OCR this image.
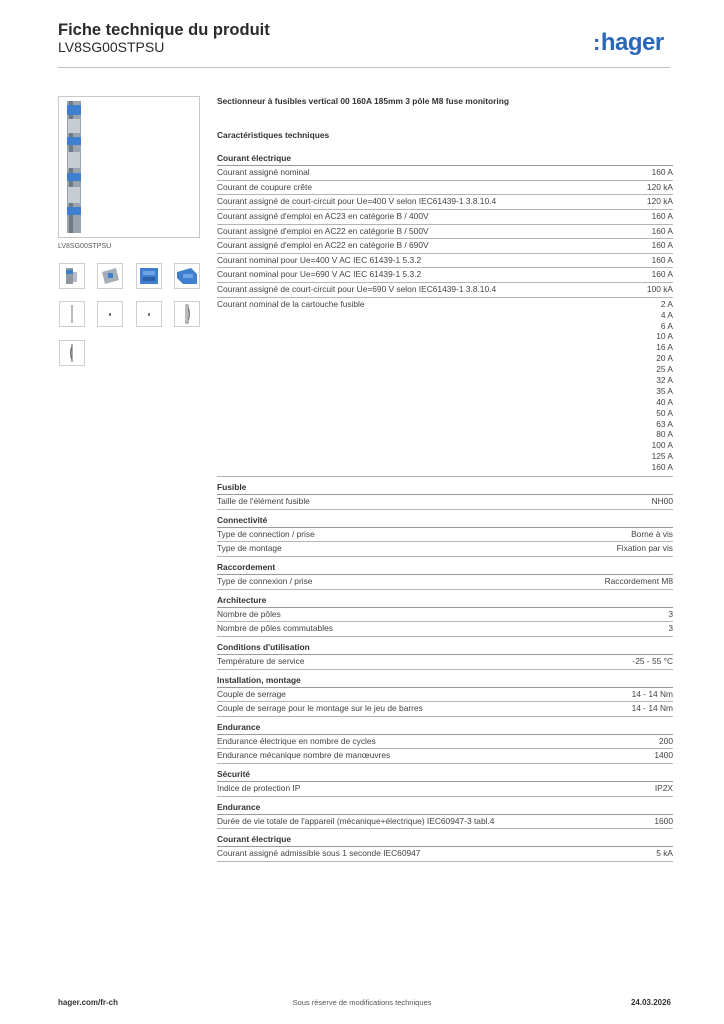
Fiche technique du produit
LV8SG00STPSU	:hager
LV8SG00STPSU
Sectionneur à fusibles vertical 00 160A 185mm 3 pôle M8 fuse monitoring
Caractéristiques techniques
Courant électrique
Courant assigné nominal	160 A
Courant de coupure crête	120 kA
Courant assigné de court-circuit pour Ue=400 V selon IEC61439-1 3.8.10.4	120 kA
Courant assigné d'emploi en AC23 en catégorie B / 400V	160 A
Courant assigné d'emploi en AC22 en catégorie B / 500V	160 A
Courant assigné d'emploi en AC22 en catégorie B / 690V	160 A
Courant nominal pour Ue=400 V AC IEC 61439-1 5.3.2	160 A
Courant nominal pour Ue=690 V AC IEC 61439-1 5.3.2	160 A
Courant assigné de court-circuit pour Ue=690 V selon IEC61439-1 3.8.10.4	100 kA
Courant nominal de la cartouche fusible	2 A
4 A
6 A
10 A
16 A
20 A
25 A
32 A
35 A
40 A
50 A
63 A
80 A
100 A
125 A
160 A
Fusible
Taille de l'élément fusible	NH00
Connectivité
Type de connection / prise	Borne à vis
Type de montage	Fixation par vis
Raccordement
Type de connexion / prise	Raccordement M8
Architecture
Nombre de pôles	3
Nombre de pôles commutables	3
Conditions d'utilisation
Température de service	-25 - 55 °C
Installation, montage
Couple de serrage	14 - 14 Nm
Couple de serrage pour le montage sur le jeu de barres	14 - 14 Nm
Endurance
Endurance électrique en nombre de cycles	200
Endurance mécanique nombre de manœuvres	1400
Sécurité
Indice de protection IP	IP2X
Endurance
Durée de vie totale de l'appareil (mécanique+électrique) IEC60947-3 tabl.4	1600
Courant électrique
Courant assigné admissible sous 1 seconde IEC60947	5 kA
hager.com/fr-ch	Sous réserve de modifications techniques	24.03.2026
